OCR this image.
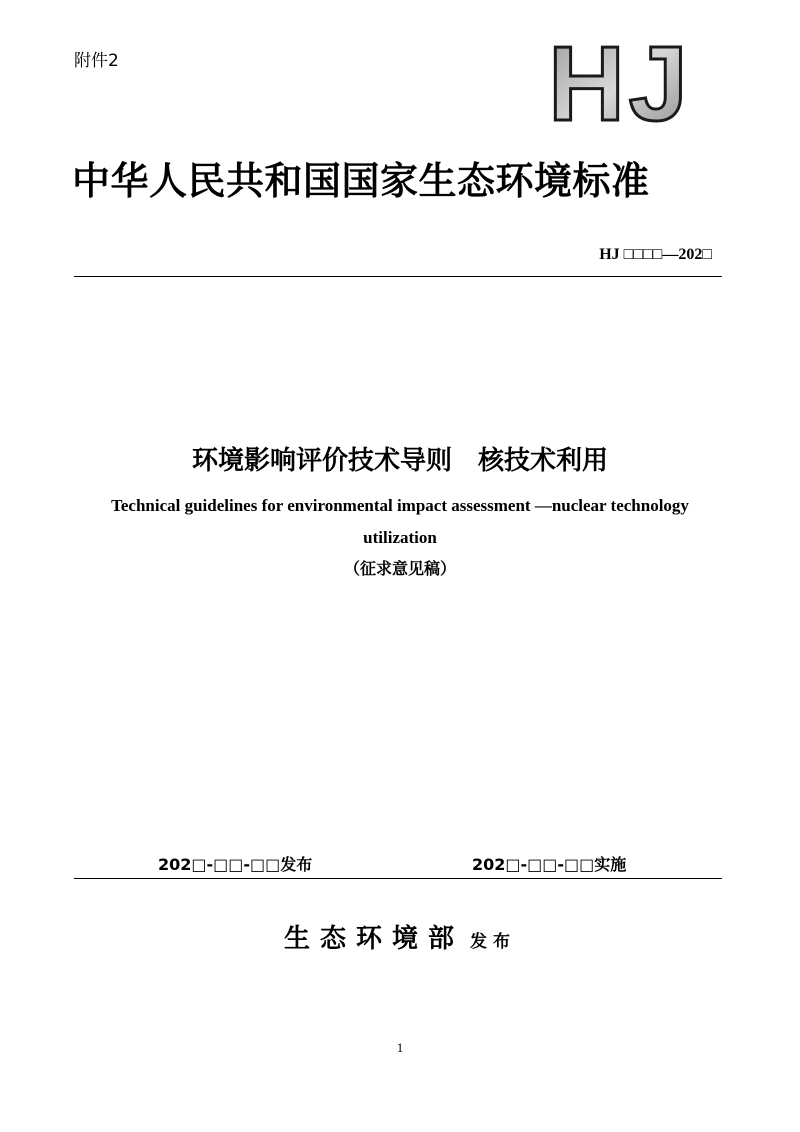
附件2	HJ
中华人民共和国国家生态环境标准
HJ □□□□—202□
环境影响评价技术导则　核技术利用
Technical guidelines for environmental impact assessment —nuclear technology utilization
（征求意见稿）
202□-□□-□□发布	202□-□□-□□实施
生态环境部 发布
1
